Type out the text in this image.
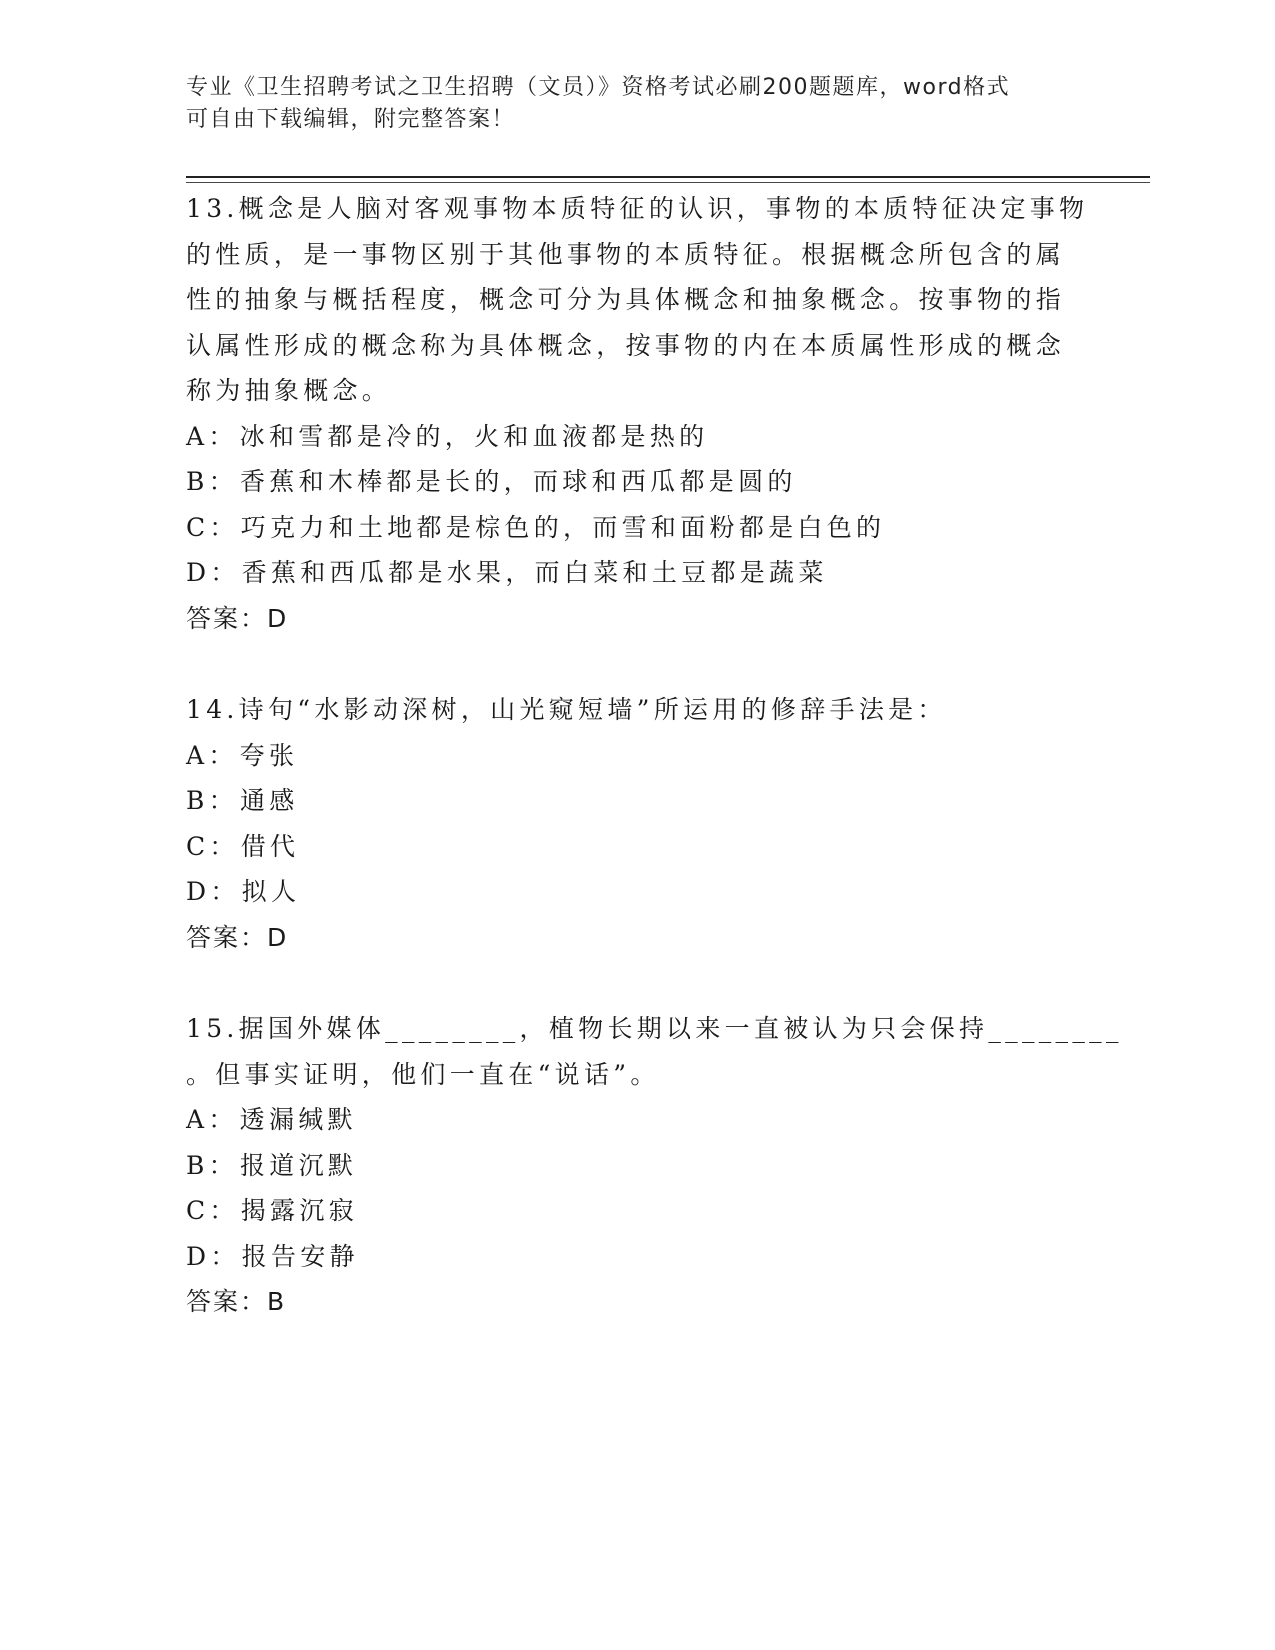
专业《卫生招聘考试之卫生招聘（文员）》资格考试必刷200题题库，word格式
可自由下载编辑，附完整答案！
13.概念是人脑对客观事物本质特征的认识，事物的本质特征决定事物
的性质，是一事物区别于其他事物的本质特征。根据概念所包含的属
性的抽象与概括程度，概念可分为具体概念和抽象概念。按事物的指
认属性形成的概念称为具体概念，按事物的内在本质属性形成的概念
称为抽象概念。
A：冰和雪都是冷的，火和血液都是热的
B：香蕉和木棒都是长的，而球和西瓜都是圆的
C：巧克力和土地都是棕色的，而雪和面粉都是白色的
D：香蕉和西瓜都是水果，而白菜和土豆都是蔬菜
答案：D
14.诗句“水影动深树，山光窥短墙”所运用的修辞手法是：
A：夸张
B：通感
C：借代
D：拟人
答案：D
15.据国外媒体________，植物长期以来一直被认为只会保持________
。但事实证明，他们一直在“说话”。
A：透漏缄默
B：报道沉默
C：揭露沉寂
D：报告安静
答案：B
